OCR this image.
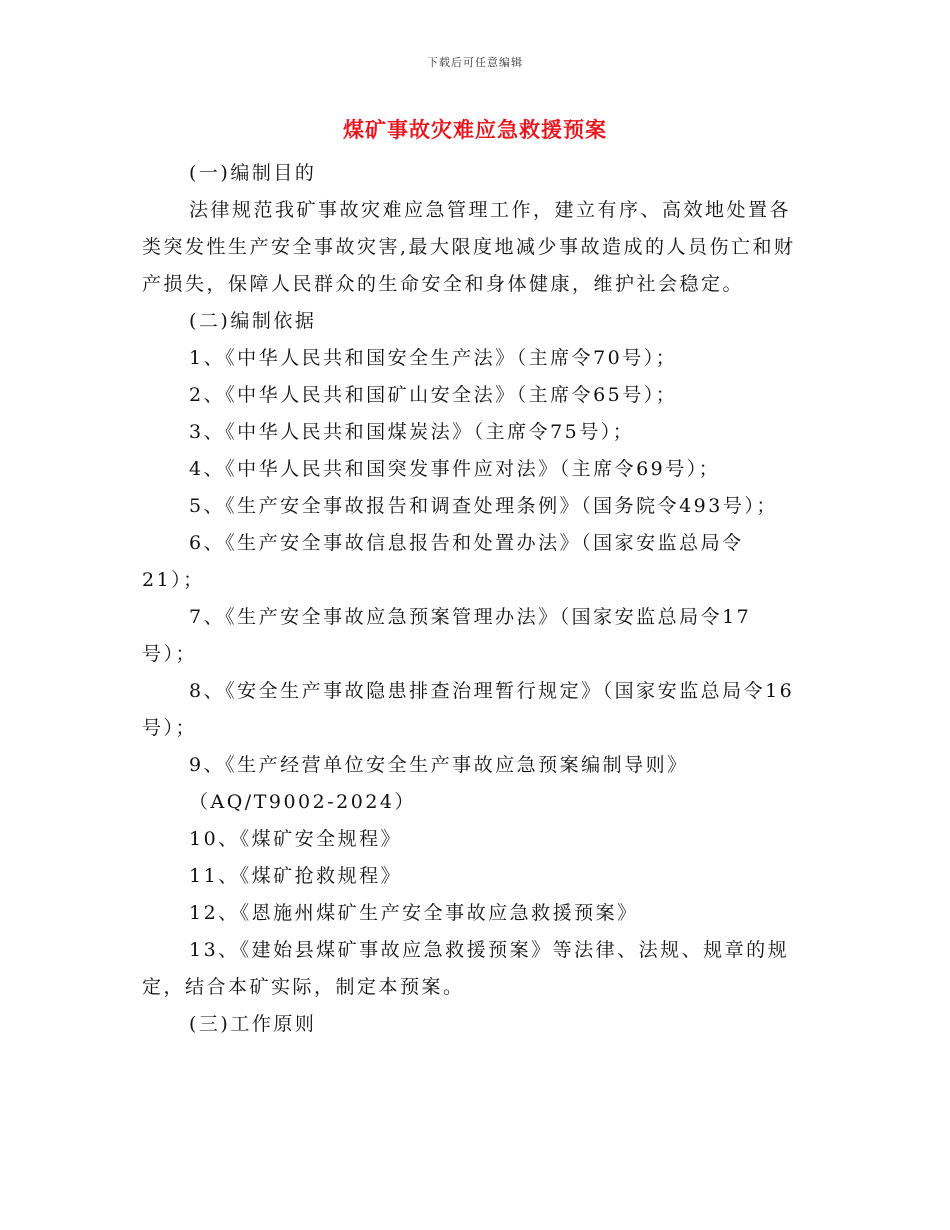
下载后可任意编辑
煤矿事故灾难应急救援预案
(一)编制目的
法律规范我矿事故灾难应急管理工作，建立有序、高效地处置各
类突发性生产安全事故灾害,最大限度地减少事故造成的人员伤亡和财
产损失，保障人民群众的生命安全和身体健康，维护社会稳定。
(二)编制依据
1、《中华人民共和国安全生产法》（主席令70号）；
2、《中华人民共和国矿山安全法》（主席令65号）；
3、《中华人民共和国煤炭法》（主席令75号）；
4、《中华人民共和国突发事件应对法》（主席令69号）；
5、《生产安全事故报告和调查处理条例》（国务院令493号）；
6、《生产安全事故信息报告和处置办法》（国家安监总局令
21）；
7、《生产安全事故应急预案管理办法》（国家安监总局令17
号）；
8、《安全生产事故隐患排查治理暂行规定》（国家安监总局令16
号）；
9、《生产经营单位安全生产事故应急预案编制导则》
（AQ/T9002-2024）
10、《煤矿安全规程》
11、《煤矿抢救规程》
12、《恩施州煤矿生产安全事故应急救援预案》
13、《建始县煤矿事故应急救援预案》等法律、法规、规章的规
定，结合本矿实际，制定本预案。
(三)工作原则
